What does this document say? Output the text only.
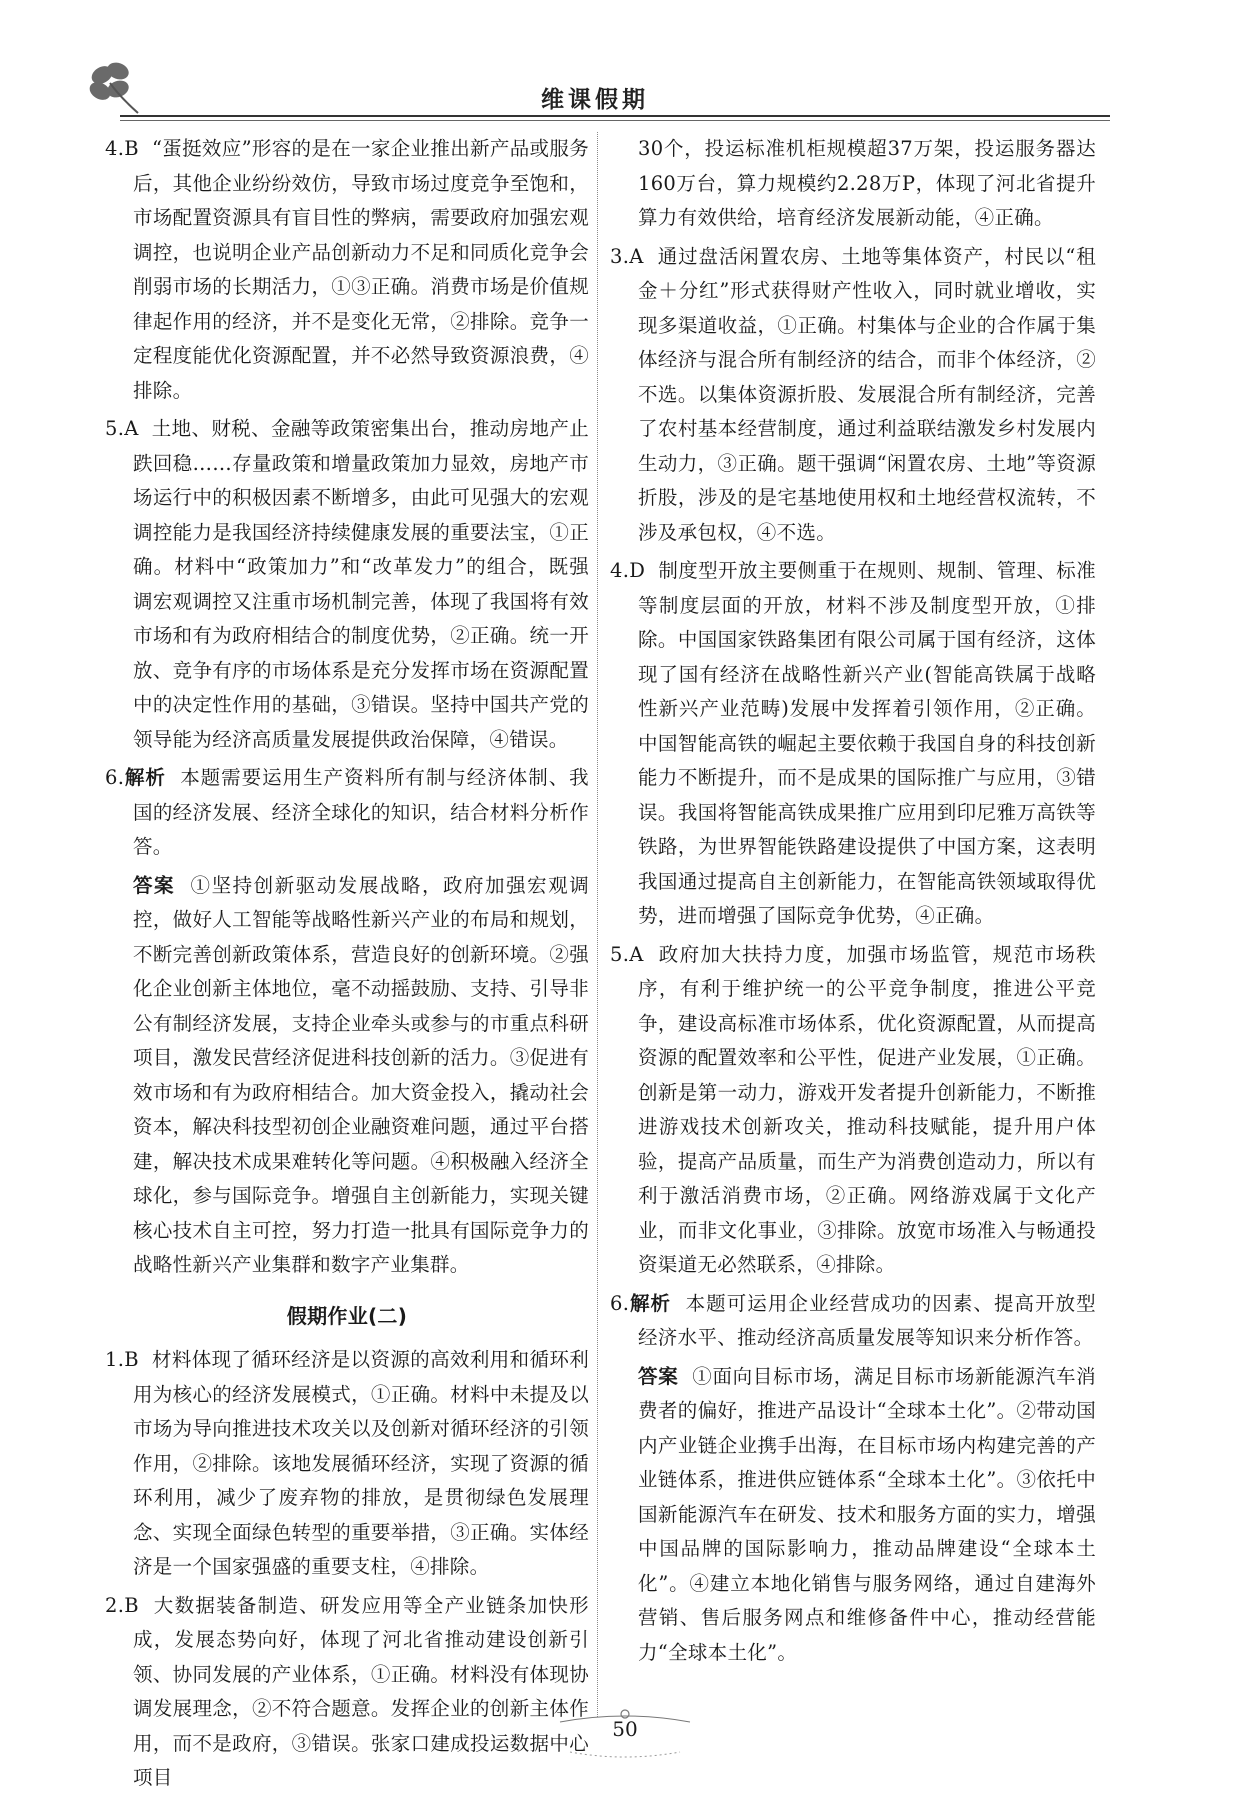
维课假期

4.B “蛋挺效应”形容的是在一家企业推出新产品或服务后，其他企业纷纷效仿，导致市场过度竞争至饱和，市场配置资源具有盲目性的弊病，需要政府加强宏观调控，也说明企业产品创新动力不足和同质化竞争会削弱市场的长期活力，①③正确。消费市场是价值规律起作用的经济，并不是变化无常，②排除。竞争一定程度能优化资源配置，并不必然导致资源浪费，④排除。

5.A 土地、财税、金融等政策密集出台，推动房地产止跌回稳……存量政策和增量政策加力显效，房地产市场运行中的积极因素不断增多，由此可见强大的宏观调控能力是我国经济持续健康发展的重要法宝，①正确。材料中“政策加力”和“改革发力”的组合，既强调宏观调控又注重市场机制完善，体现了我国将有效市场和有为政府相结合的制度优势，②正确。统一开放、竞争有序的市场体系是充分发挥市场在资源配置中的决定性作用的基础，③错误。坚持中国共产党的领导能为经济高质量发展提供政治保障，④错误。

6.解析 本题需要运用生产资料所有制与经济体制、我国的经济发展、经济全球化的知识，结合材料分析作答。

答案 ①坚持创新驱动发展战略，政府加强宏观调控，做好人工智能等战略性新兴产业的布局和规划，不断完善创新政策体系，营造良好的创新环境。②强化企业创新主体地位，毫不动摇鼓励、支持、引导非公有制经济发展，支持企业牵头或参与的市重点科研项目，激发民营经济促进科技创新的活力。③促进有效市场和有为政府相结合。加大资金投入，撬动社会资本，解决科技型初创企业融资难问题，通过平台搭建，解决技术成果难转化等问题。④积极融入经济全球化，参与国际竞争。增强自主创新能力，实现关键核心技术自主可控，努力打造一批具有国际竞争力的战略性新兴产业集群和数字产业集群。

假期作业(二)

1.B 材料体现了循环经济是以资源的高效利用和循环利用为核心的经济发展模式，①正确。材料中未提及以市场为导向推进技术攻关以及创新对循环经济的引领作用，②排除。该地发展循环经济，实现了资源的循环利用，减少了废弃物的排放，是贯彻绿色发展理念、实现全面绿色转型的重要举措，③正确。实体经济是一个国家强盛的重要支柱，④排除。

2.B 大数据装备制造、研发应用等全产业链条加快形成，发展态势向好，体现了河北省推动建设创新引领、协同发展的产业体系，①正确。材料没有体现协调发展理念，②不符合题意。发挥企业的创新主体作用，而不是政府，③错误。张家口建成投运数据中心项目

30个，投运标准机柜规模超37万架，投运服务器达160万台，算力规模约2.28万P，体现了河北省提升算力有效供给，培育经济发展新动能，④正确。

3.A 通过盘活闲置农房、土地等集体资产，村民以“租金＋分红”形式获得财产性收入，同时就业增收，实现多渠道收益，①正确。村集体与企业的合作属于集体经济与混合所有制经济的结合，而非个体经济，②不选。以集体资源折股、发展混合所有制经济，完善了农村基本经营制度，通过利益联结激发乡村发展内生动力，③正确。题干强调“闲置农房、土地”等资源折股，涉及的是宅基地使用权和土地经营权流转，不涉及承包权，④不选。

4.D 制度型开放主要侧重于在规则、规制、管理、标准等制度层面的开放，材料不涉及制度型开放，①排除。中国国家铁路集团有限公司属于国有经济，这体现了国有经济在战略性新兴产业(智能高铁属于战略性新兴产业范畴)发展中发挥着引领作用，②正确。中国智能高铁的崛起主要依赖于我国自身的科技创新能力不断提升，而不是成果的国际推广与应用，③错误。我国将智能高铁成果推广应用到印尼雅万高铁等铁路，为世界智能铁路建设提供了中国方案，这表明我国通过提高自主创新能力，在智能高铁领域取得优势，进而增强了国际竞争优势，④正确。

5.A 政府加大扶持力度，加强市场监管，规范市场秩序，有利于维护统一的公平竞争制度，推进公平竞争，建设高标准市场体系，优化资源配置，从而提高资源的配置效率和公平性，促进产业发展，①正确。创新是第一动力，游戏开发者提升创新能力，不断推进游戏技术创新攻关，推动科技赋能，提升用户体验，提高产品质量，而生产为消费创造动力，所以有利于激活消费市场，②正确。网络游戏属于文化产业，而非文化事业，③排除。放宽市场准入与畅通投资渠道无必然联系，④排除。

6.解析 本题可运用企业经营成功的因素、提高开放型经济水平、推动经济高质量发展等知识来分析作答。

答案 ①面向目标市场，满足目标市场新能源汽车消费者的偏好，推进产品设计“全球本土化”。②带动国内产业链企业携手出海，在目标市场内构建完善的产业链体系，推进供应链体系“全球本土化”。③依托中国新能源汽车在研发、技术和服务方面的实力，增强中国品牌的国际影响力，推动品牌建设“全球本土化”。④建立本地化销售与服务网络，通过自建海外营销、售后服务网点和维修备件中心，推动经营能力“全球本土化”。

50
